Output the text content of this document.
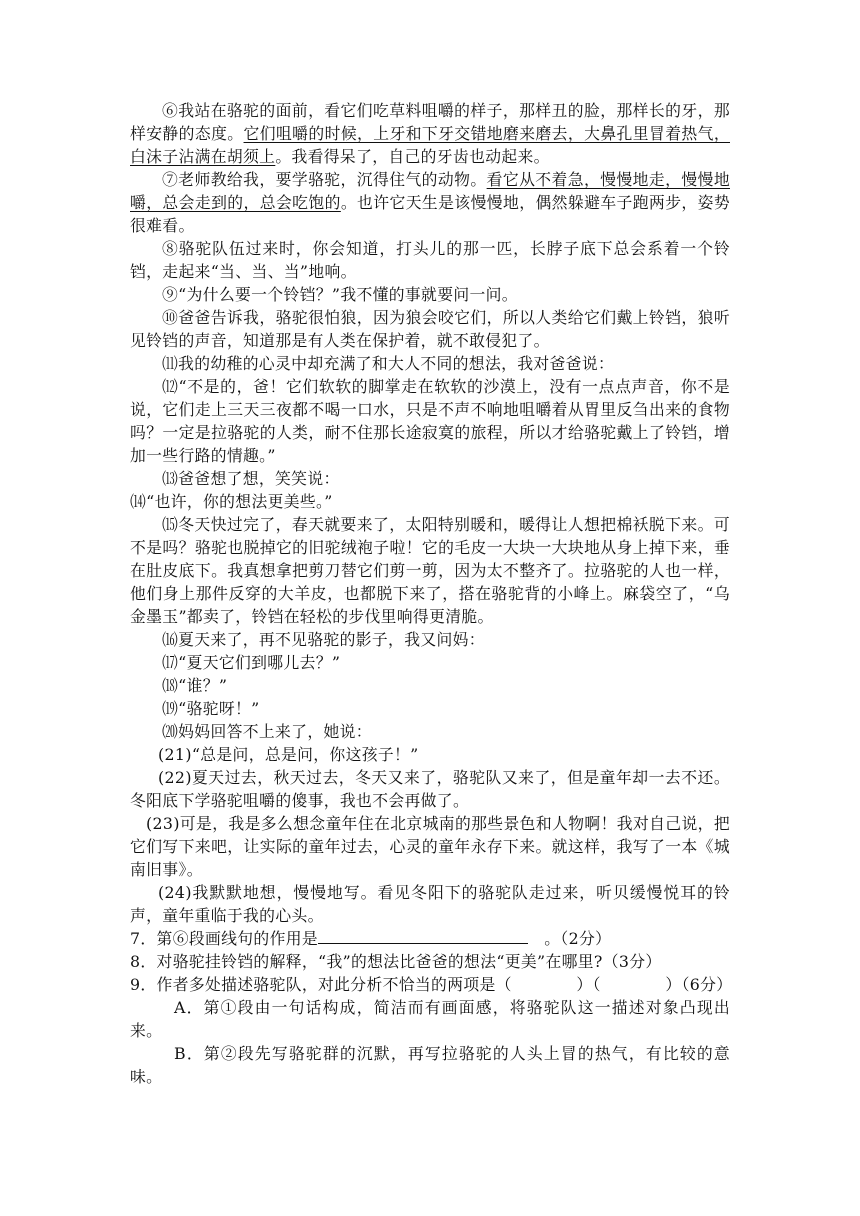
⑥我站在骆驼的面前，看它们吃草料咀嚼的样子，那样丑的脸，那样长的牙，那样安静的态度。它们咀嚼的时候，上牙和下牙交错地磨来磨去，大鼻孔里冒着热气，白沫子沾满在胡须上。我看得呆了，自己的牙齿也动起来。

⑦老师教给我，要学骆驼，沉得住气的动物。看它从不着急，慢慢地走，慢慢地嚼，总会走到的，总会吃饱的。也许它天生是该慢慢地，偶然躲避车子跑两步，姿势很难看。

⑧骆驼队伍过来时，你会知道，打头儿的那一匹，长脖子底下总会系着一个铃铛，走起来“当、当、当”地响。

⑨“为什么要一个铃铛？”我不懂的事就要问一问。

⑩爸爸告诉我，骆驼很怕狼，因为狼会咬它们，所以人类给它们戴上铃铛，狼听见铃铛的声音，知道那是有人类在保护着，就不敢侵犯了。

⑾我的幼稚的心灵中却充满了和大人不同的想法，我对爸爸说：

⑿“不是的，爸！它们软软的脚掌走在软软的沙漠上，没有一点点声音，你不是说，它们走上三天三夜都不喝一口水，只是不声不响地咀嚼着从胃里反刍出来的食物吗？一定是拉骆驼的人类，耐不住那长途寂寞的旅程，所以才给骆驼戴上了铃铛，增加一些行路的情趣。”

⒀爸爸想了想，笑笑说：

⒁“也许，你的想法更美些。”

⒂冬天快过完了，春天就要来了，太阳特别暖和，暖得让人想把棉袄脱下来。可不是吗？骆驼也脱掉它的旧驼绒袍子啦！它的毛皮一大块一大块地从身上掉下来，垂在肚皮底下。我真想拿把剪刀替它们剪一剪，因为太不整齐了。拉骆驼的人也一样，他们身上那件反穿的大羊皮，也都脱下来了，搭在骆驼背的小峰上。麻袋空了，“乌金墨玉”都卖了，铃铛在轻松的步伐里响得更清脆。

⒃夏天来了，再不见骆驼的影子，我又问妈：

⒄“夏天它们到哪儿去？”

⒅“谁？”

⒆“骆驼呀！”

⒇妈妈回答不上来了，她说：

(21)“总是问，总是问，你这孩子！”

(22)夏天过去，秋天过去，冬天又来了，骆驼队又来了，但是童年却一去不还。冬阳底下学骆驼咀嚼的傻事，我也不会再做了。

(23)可是，我是多么想念童年住在北京城南的那些景色和人物啊！我对自己说，把它们写下来吧，让实际的童年过去，心灵的童年永存下来。就这样，我写了一本《城南旧事》。

(24)我默默地想，慢慢地写。看见冬阳下的骆驼队走过来，听贝缓慢悦耳的铃声，童年重临于我的心头。

7．第⑥段画线句的作用是　	。（2分）

8．对骆驼挂铃铛的解释，“我”的想法比爸爸的想法“更美”在哪里?（3分）

9．作者多处描述骆驼队，对此分析不恰当的两项是（　　　　）（　　　　）（6分）

A．第①段由一句话构成，简洁而有画面感，将骆驼队这一描述对象凸现出来。

B．第②段先写骆驼群的沉默，再写拉骆驼的人头上冒的热气，有比较的意味。
